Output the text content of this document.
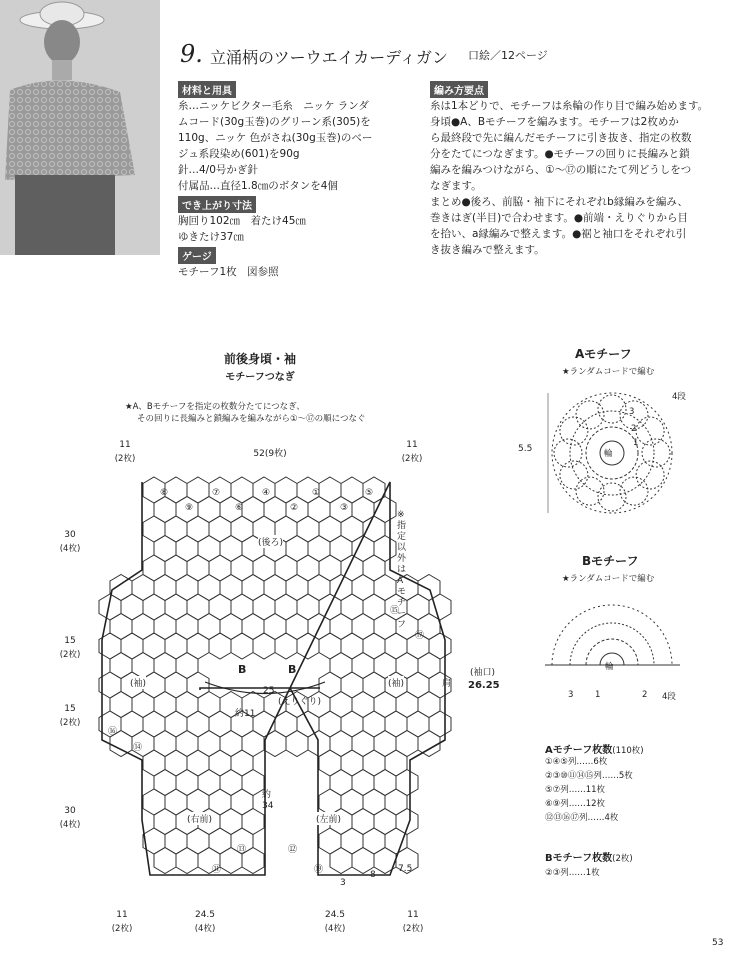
9. 立涌柄のツーウエイカーディガン 口絵／12ページ
材料と用具
糸…ニッケビクター毛糸　ニッケ ランダ
ムコード(30g玉巻)のグリーン系(305)を
110g、ニッケ 色がさね(30g玉巻)のベー
ジュ系段染め(601)を90g
針…4/0号かぎ針
付属品…直径1.8㎝のボタンを4個
でき上がり寸法
胸回り102㎝　着たけ45㎝
ゆきたけ37㎝
ゲージ
モチーフ1枚　図参照
編み方要点
糸は1本どりで、モチーフは糸輪の作り目で編み始めます。
身頃●A、Bモチーフを編みます。モチーフは2枚めか
ら最終段で先に編んだモチーフに引き抜き、指定の枚数
分をたてにつなぎます。●モチーフの回りに長編みと鎖
編みを編みつけながら、①〜⑰の順にたて列どうしをつ
なぎます。
まとめ●後ろ、前脇・袖下にそれぞれb縁編みを編み、
巻きはぎ(半目)で合わせます。●前端・えりぐりから目
を拾い、a縁編みで整えます。●裾と袖口をそれぞれ引
き抜き編みで整えます。
前後身頃・袖
モチーフつなぎ
★A、Bモチーフを指定の枚数分たてにつなぎ、
その回りに長編みと鎖編みを編みながら①〜⑰の順につなぐ
11
(2枚)	52(9枚)
11
(2枚)
30
(4枚)
15
(2枚)
15
(2枚)
30
(4枚)
⑧	⑦	④	①	⑤
⑨	⑥	②	③
⑮
⑰
⑯
⑭
⑬
⑪
⑫
⑲
(後ろ)
(袖)	(袖)
(右前)	(左前)
B	B
25
(えりぐり)
約11
約34
(袖口)
26.25
肩
※指定以外はAモチーフ
3
8
7.5
11
(2枚)
24.5
(4枚)
24.5
(4枚)
11
(2枚)
Aモチーフ
★ランダムコードで編む
5.5
4段
3
2
1
輪
Bモチーフ
★ランダムコードで編む
輪
3	1	2 4段
Aモチーフ枚数(110枚)
①④⑤列……6枚
②③⑩⑪⑭⑮列……5枚
⑤⑦列……11枚
⑥⑨列……12枚
⑫⑬⑯⑰列……4枚
Bモチーフ枚数(2枚)
②③列……1枚
53
